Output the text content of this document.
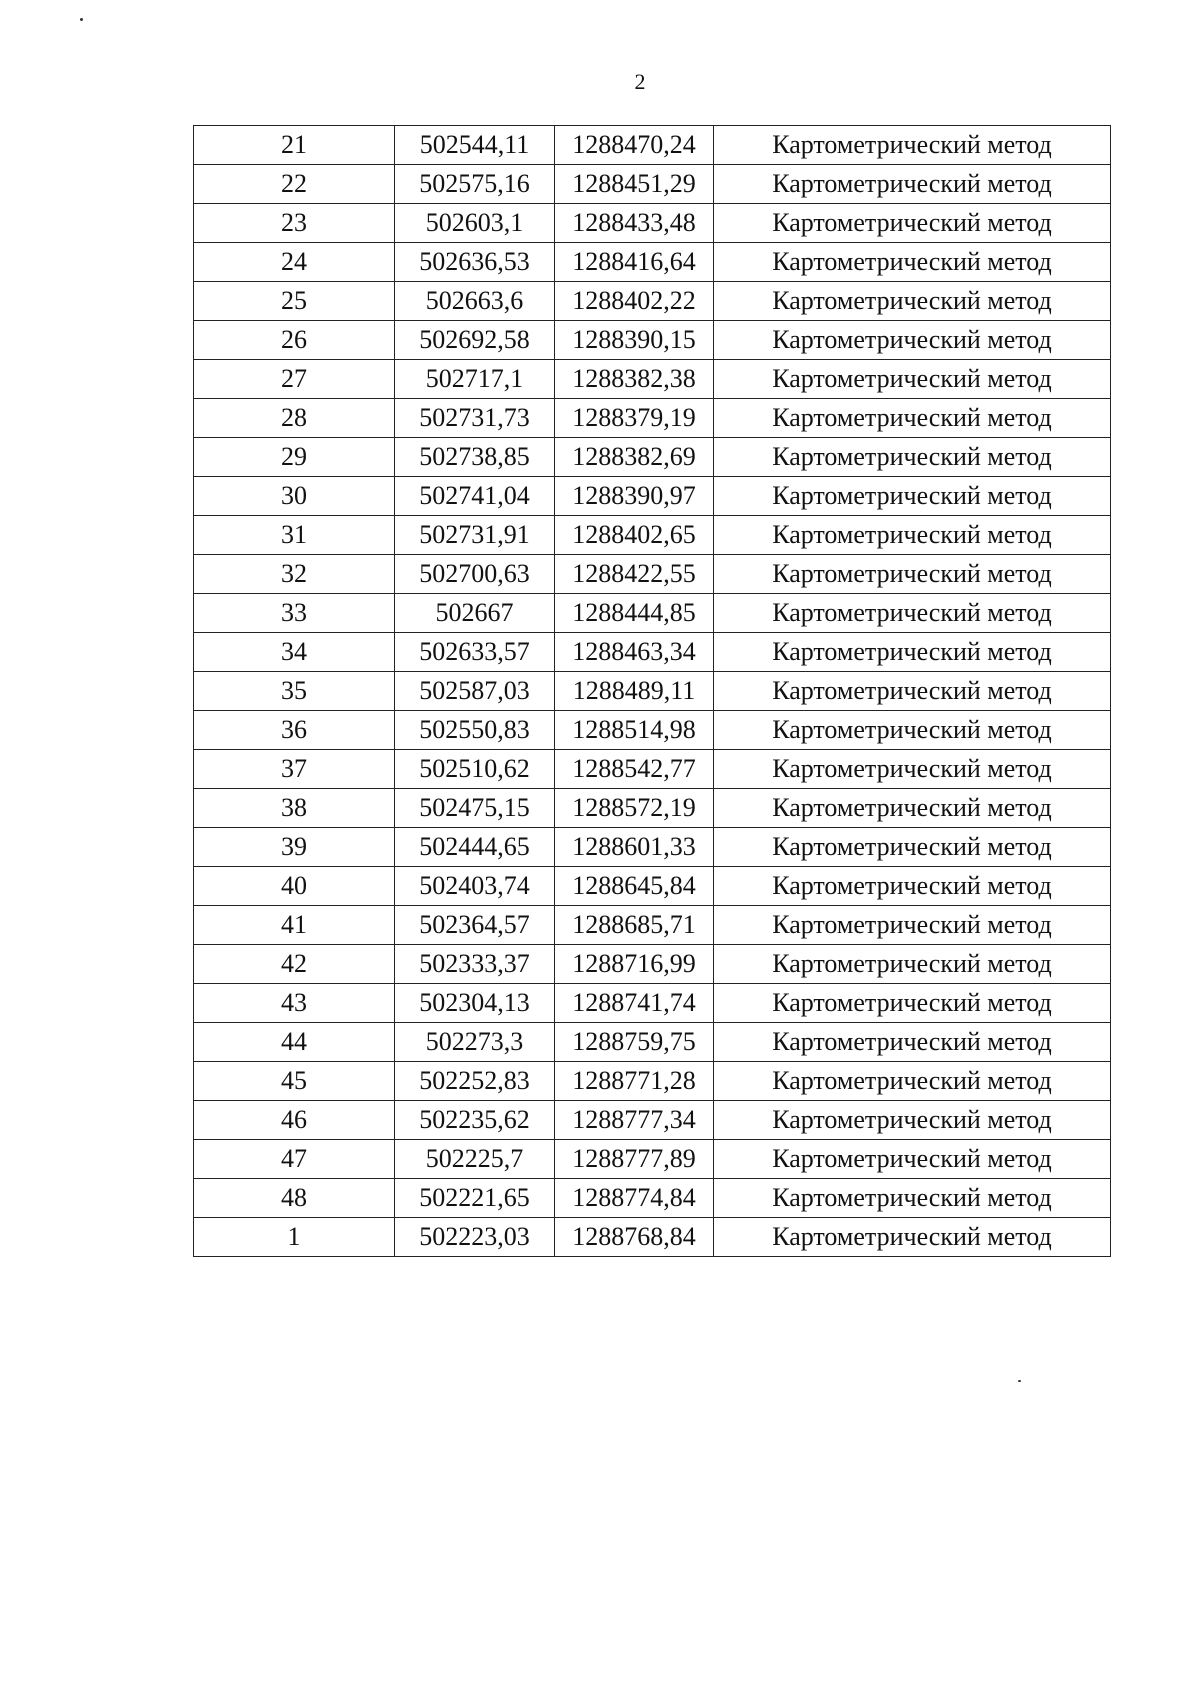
2
21	502544,11	1288470,24	Картометрический метод
22	502575,16	1288451,29	Картометрический метод
23	502603,1	1288433,48	Картометрический метод
24	502636,53	1288416,64	Картометрический метод
25	502663,6	1288402,22	Картометрический метод
26	502692,58	1288390,15	Картометрический метод
27	502717,1	1288382,38	Картометрический метод
28	502731,73	1288379,19	Картометрический метод
29	502738,85	1288382,69	Картометрический метод
30	502741,04	1288390,97	Картометрический метод
31	502731,91	1288402,65	Картометрический метод
32	502700,63	1288422,55	Картометрический метод
33	502667	1288444,85	Картометрический метод
34	502633,57	1288463,34	Картометрический метод
35	502587,03	1288489,11	Картометрический метод
36	502550,83	1288514,98	Картометрический метод
37	502510,62	1288542,77	Картометрический метод
38	502475,15	1288572,19	Картометрический метод
39	502444,65	1288601,33	Картометрический метод
40	502403,74	1288645,84	Картометрический метод
41	502364,57	1288685,71	Картометрический метод
42	502333,37	1288716,99	Картометрический метод
43	502304,13	1288741,74	Картометрический метод
44	502273,3	1288759,75	Картометрический метод
45	502252,83	1288771,28	Картометрический метод
46	502235,62	1288777,34	Картометрический метод
47	502225,7	1288777,89	Картометрический метод
48	502221,65	1288774,84	Картометрический метод
1	502223,03	1288768,84	Картометрический метод
